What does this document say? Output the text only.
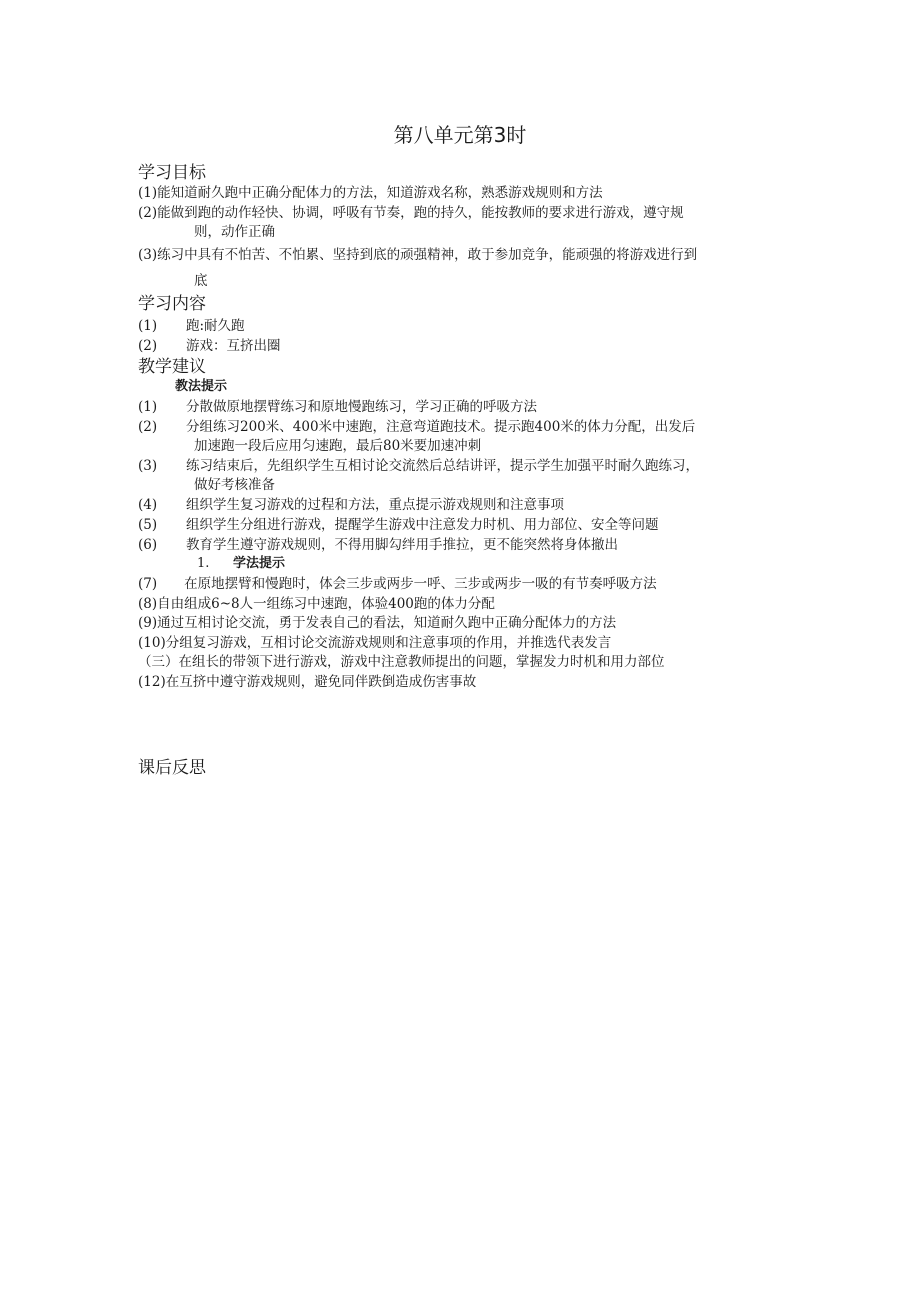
第八单元第3时
学习目标
(1)能知道耐久跑中正确分配体力的方法，知道游戏名称，熟悉游戏规则和方法
(2)能做到跑的动作轻快、协调，呼吸有节奏，跑的持久，能按教师的要求进行游戏，遵守规
则，动作正确
(3)练习中具有不怕苦、不怕累、坚持到底的顽强精神，敢于参加竞争，能顽强的将游戏进行到
底
学习内容
(1) 跑:耐久跑
(2) 游戏：互挤出圈
教学建议
教法提示
(1) 分散做原地摆臂练习和原地慢跑练习，学习正确的呼吸方法
(2) 分组练习200米、400米中速跑，注意弯道跑技术。提示跑400米的体力分配，出发后
加速跑一段后应用匀速跑，最后80米要加速冲刺
(3) 练习结束后，先组织学生互相讨论交流然后总结讲评，提示学生加强平时耐久跑练习，
做好考核准备
(4) 组织学生复习游戏的过程和方法，重点提示游戏规则和注意事项
(5) 组织学生分组进行游戏，提醒学生游戏中注意发力时机、用力部位、安全等问题
(6) 教育学生遵守游戏规则，不得用脚勾绊用手推拉，更不能突然将身体撤出
1. 学法提示
(7)　　在原地摆臂和慢跑时，体会三步或两步一呼、三步或两步一吸的有节奏呼吸方法
(8)自由组成6~8人一组练习中速跑，体验400跑的体力分配
(9)通过互相讨论交流，勇于发表自己的看法，知道耐久跑中正确分配体力的方法
(10)分组复习游戏，互相讨论交流游戏规则和注意事项的作用，并推选代表发言
（三）在组长的带领下进行游戏，游戏中注意教师提出的问题，掌握发力时机和用力部位
(12)在互挤中遵守游戏规则，避免同伴跌倒造成伤害事故
课后反思
